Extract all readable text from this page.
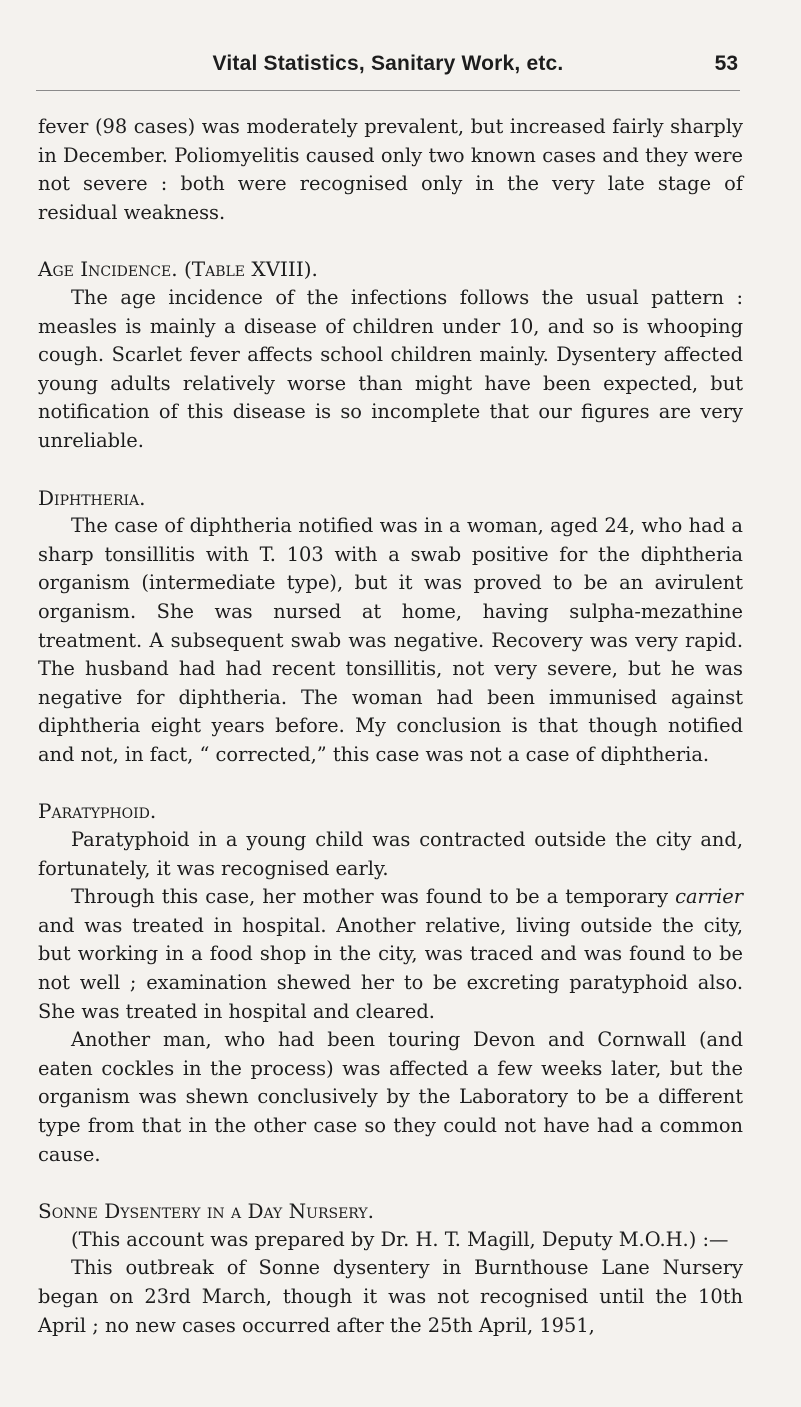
Vital Statistics, Sanitary Work, etc.	53

fever (98 cases) was moderately prevalent, but increased fairly sharply in December. Poliomyelitis caused only two known cases and they were not severe : both were recognised only in the very late stage of residual weakness.

Age Incidence. (Table XVIII).

The age incidence of the infections follows the usual pattern : measles is mainly a disease of children under 10, and so is whooping cough. Scarlet fever affects school children mainly. Dysentery affected young adults relatively worse than might have been expected, but notification of this disease is so incomplete that our figures are very unreliable.

Diphtheria.

The case of diphtheria notified was in a woman, aged 24, who had a sharp tonsillitis with T. 103 with a swab positive for the diphtheria organism (intermediate type), but it was proved to be an avirulent organism. She was nursed at home, having sulpha-mezathine treatment. A subsequent swab was negative. Recovery was very rapid. The husband had had recent tonsillitis, not very severe, but he was negative for diphtheria. The woman had been immunised against diphtheria eight years before. My conclusion is that though notified and not, in fact, “ corrected,” this case was not a case of diphtheria.

Paratyphoid.

Paratyphoid in a young child was contracted outside the city and, fortunately, it was recognised early.

Through this case, her mother was found to be a temporary carrier and was treated in hospital. Another relative, living outside the city, but working in a food shop in the city, was traced and was found to be not well ; examination shewed her to be excreting paratyphoid also. She was treated in hospital and cleared.

Another man, who had been touring Devon and Cornwall (and eaten cockles in the process) was affected a few weeks later, but the organism was shewn conclusively by the Laboratory to be a different type from that in the other case so they could not have had a common cause.

Sonne Dysentery in a Day Nursery.

(This account was prepared by Dr. H. T. Magill, Deputy M.O.H.) :—

This outbreak of Sonne dysentery in Burnthouse Lane Nursery began on 23rd March, though it was not recognised until the 10th April ; no new cases occurred after the 25th April, 1951,
